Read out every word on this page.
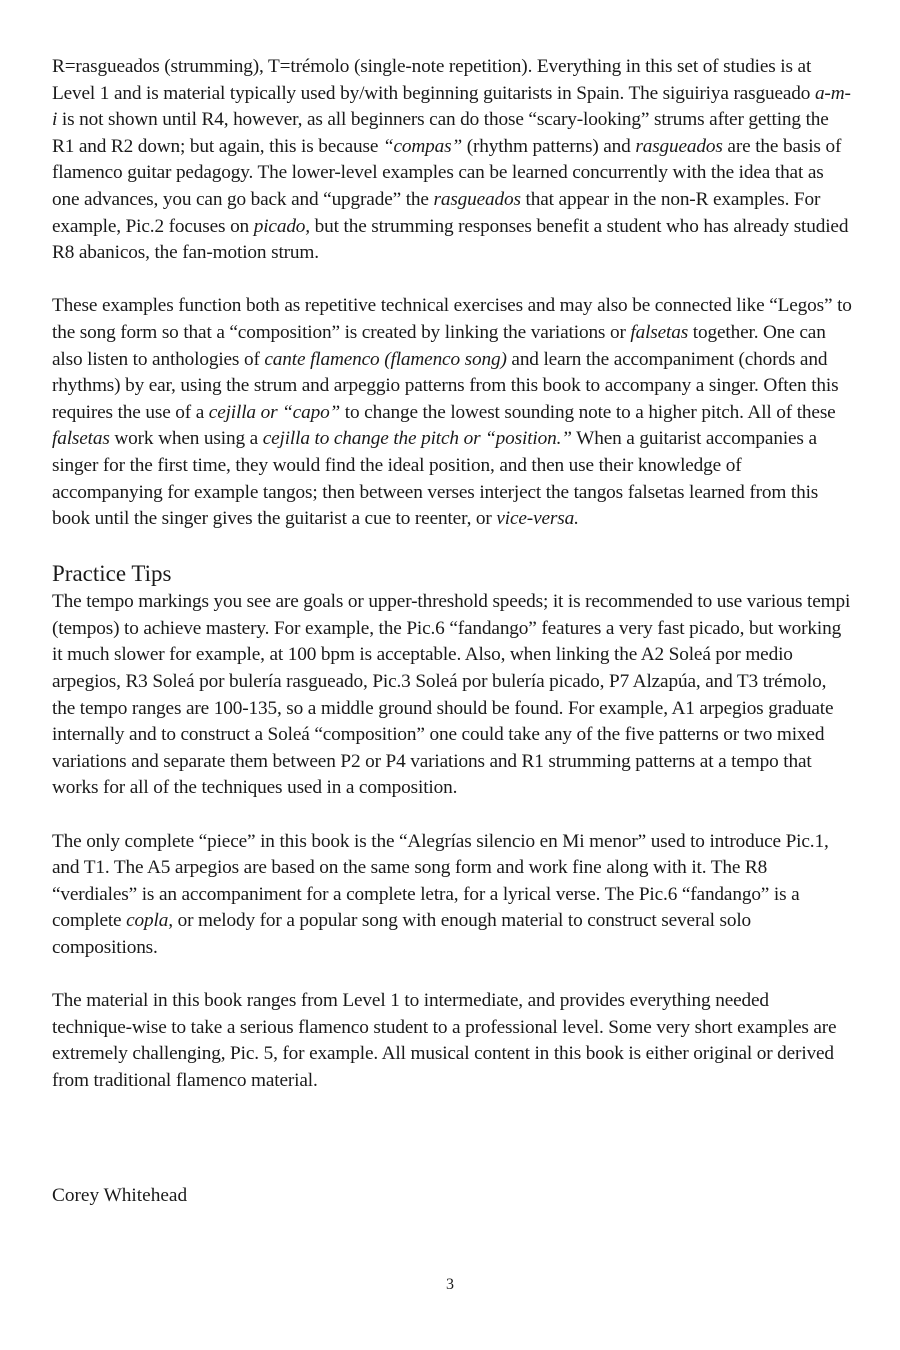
R=rasgueados (strumming), T=trémolo (single-note repetition). Everything in this set of studies is at Level 1 and is material typically used by/with beginning guitarists in Spain. The siguiriya rasgueado a-m-i is not shown until R4, however, as all beginners can do those “scary-looking” strums after getting the R1 and R2 down; but again, this is because “compas” (rhythm patterns) and rasgueados are the basis of flamenco guitar pedagogy. The lower-level examples can be learned concurrently with the idea that as one advances, you can go back and “upgrade” the rasgueados that appear in the non-R examples. For example, Pic.2 focuses on picado, but the strumming responses benefit a student who has already studied R8 abanicos, the fan-motion strum.

These examples function both as repetitive technical exercises and may also be connected like “Legos” to the song form so that a “composition” is created by linking the variations or falsetas together. One can also listen to anthologies of cante flamenco (flamenco song) and learn the accompaniment (chords and rhythms) by ear, using the strum and arpeggio patterns from this book to accompany a singer. Often this requires the use of a cejilla or “capo” to change the lowest sounding note to a higher pitch. All of these falsetas work when using a cejilla to change the pitch or “position.” When a guitarist accompanies a singer for the first time, they would find the ideal position, and then use their knowledge of accompanying for example tangos; then between verses interject the tangos falsetas learned from this book until the singer gives the guitarist a cue to reenter, or vice-versa.

Practice Tips

The tempo markings you see are goals or upper-threshold speeds; it is recommended to use various tempi (tempos) to achieve mastery. For example, the Pic.6 “fandango” features a very fast picado, but working it much slower for example, at 100 bpm is acceptable. Also, when linking the A2 Soleá por medio arpegios, R3 Soleá por bulería rasgueado, Pic.3 Soleá por bulería picado, P7 Alzapúa, and T3 trémolo, the tempo ranges are 100-135, so a middle ground should be found. For example, A1 arpegios graduate internally and to construct a Soleá “composition” one could take any of the five patterns or two mixed variations and separate them between P2 or P4 variations and R1 strumming patterns at a tempo that works for all of the techniques used in a composition.

The only complete “piece” in this book is the “Alegrías silencio en Mi menor” used to introduce Pic.1, and T1. The A5 arpegios are based on the same song form and work fine along with it. The R8 “verdiales” is an accompaniment for a complete letra, for a lyrical verse. The Pic.6 “fandango” is a complete copla, or melody for a popular song with enough material to construct several solo compositions.

The material in this book ranges from Level 1 to intermediate, and provides everything needed technique-wise to take a serious flamenco student to a professional level. Some very short examples are extremely challenging, Pic. 5, for example. All musical content in this book is either original or derived from traditional flamenco material.

Corey Whitehead

3
